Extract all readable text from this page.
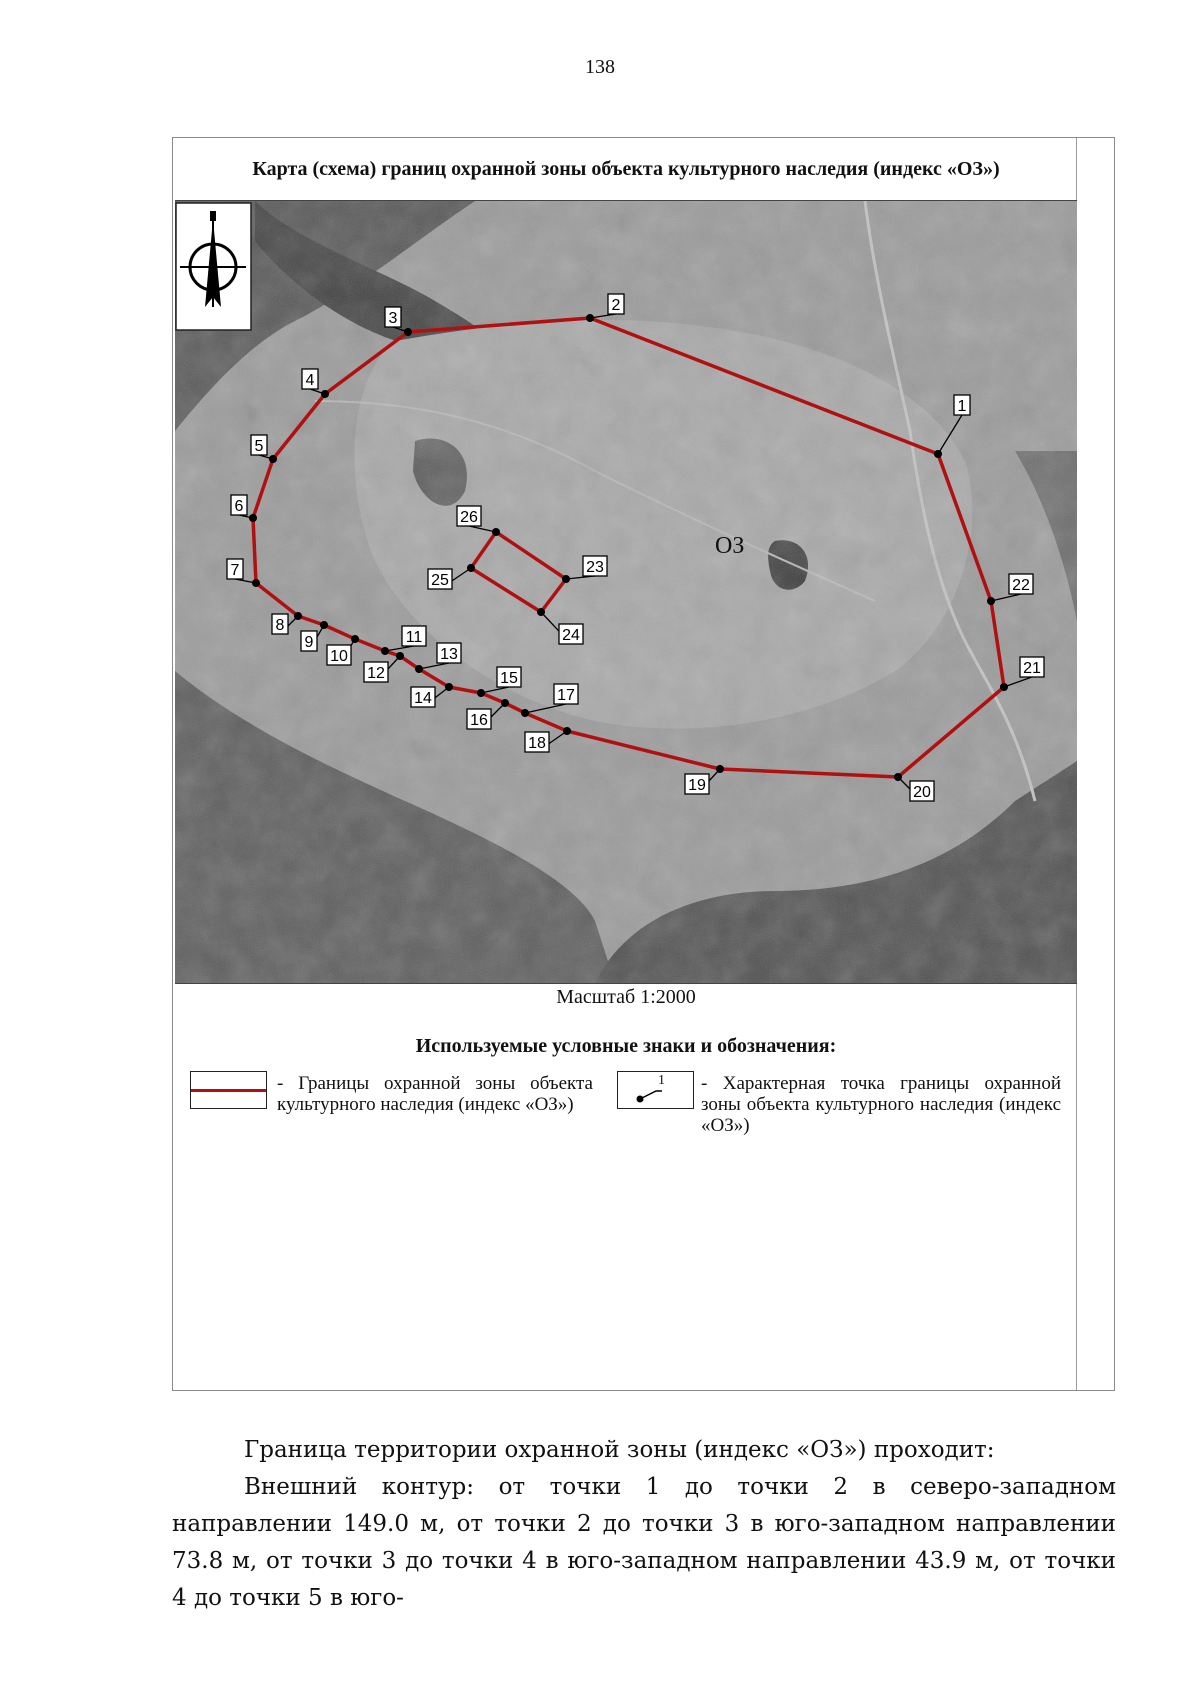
138
Карта (схема) границ охранной зоны объекта культурного наследия (индекс «ОЗ»)
1
2
3
4
5
6
7
8
9
10
11
12
13
14
15
16
17
18
19	20
21
22
23
24
25
26
ОЗ
Масштаб 1:2000
Используемые условные знаки и обозначения:
- Границы охранной зоны объекта культурного наследия (индекс «ОЗ»)
1 - Характерная точка границы охранной зоны объекта культурного наследия (индекс «ОЗ»)
Граница территории охранной зоны (индекс «ОЗ») проходит:
Внешний контур: от точки 1 до точки 2 в северо-западном направлении 149.0 м, от точки 2 до точки 3 в юго-западном направлении 73.8 м, от точки 3 до точки 4 в юго-западном направлении 43.9 м, от точки 4 до точки 5 в юго-
